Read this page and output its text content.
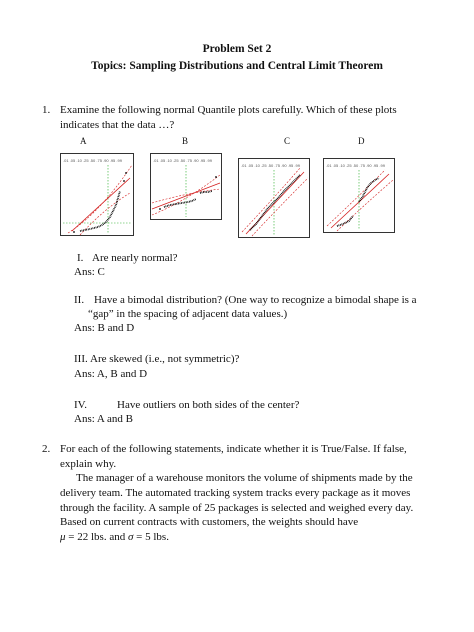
Problem Set 2
Topics: Sampling Distributions and Central Limit Theorem
1. Examine the following normal Quantile plots carefully. Which of these plots
indicates that the data …?
A	B	C	D
.01 .05 .10 .25 .50 .75 .90 .95 .99	.01 .05 .10 .25 .50 .75 .90 .95 .99
.01 .05 .10 .25 .50 .75 .90 .95 .99	.01 .05 .10 .25 .50 .75 .90 .95 .99
I. Are nearly normal?
Ans: C
II. Have a bimodal distribution? (One way to recognize a bimodal shape is a
“gap” in the spacing of adjacent data values.)
Ans: B and D
III. Are skewed (i.e., not symmetric)?
Ans: A, B and D
IV.	Have outliers on both sides of the center?
Ans: A and B
2. For each of the following statements, indicate whether it is True/False. If false,
explain why.
The manager of a warehouse monitors the volume of shipments made by the
delivery team. The automated tracking system tracks every package as it moves
through the facility. A sample of 25 packages is selected and weighed every day.
Based on current contracts with customers, the weights should have
μ = 22 lbs. and σ = 5 lbs.
